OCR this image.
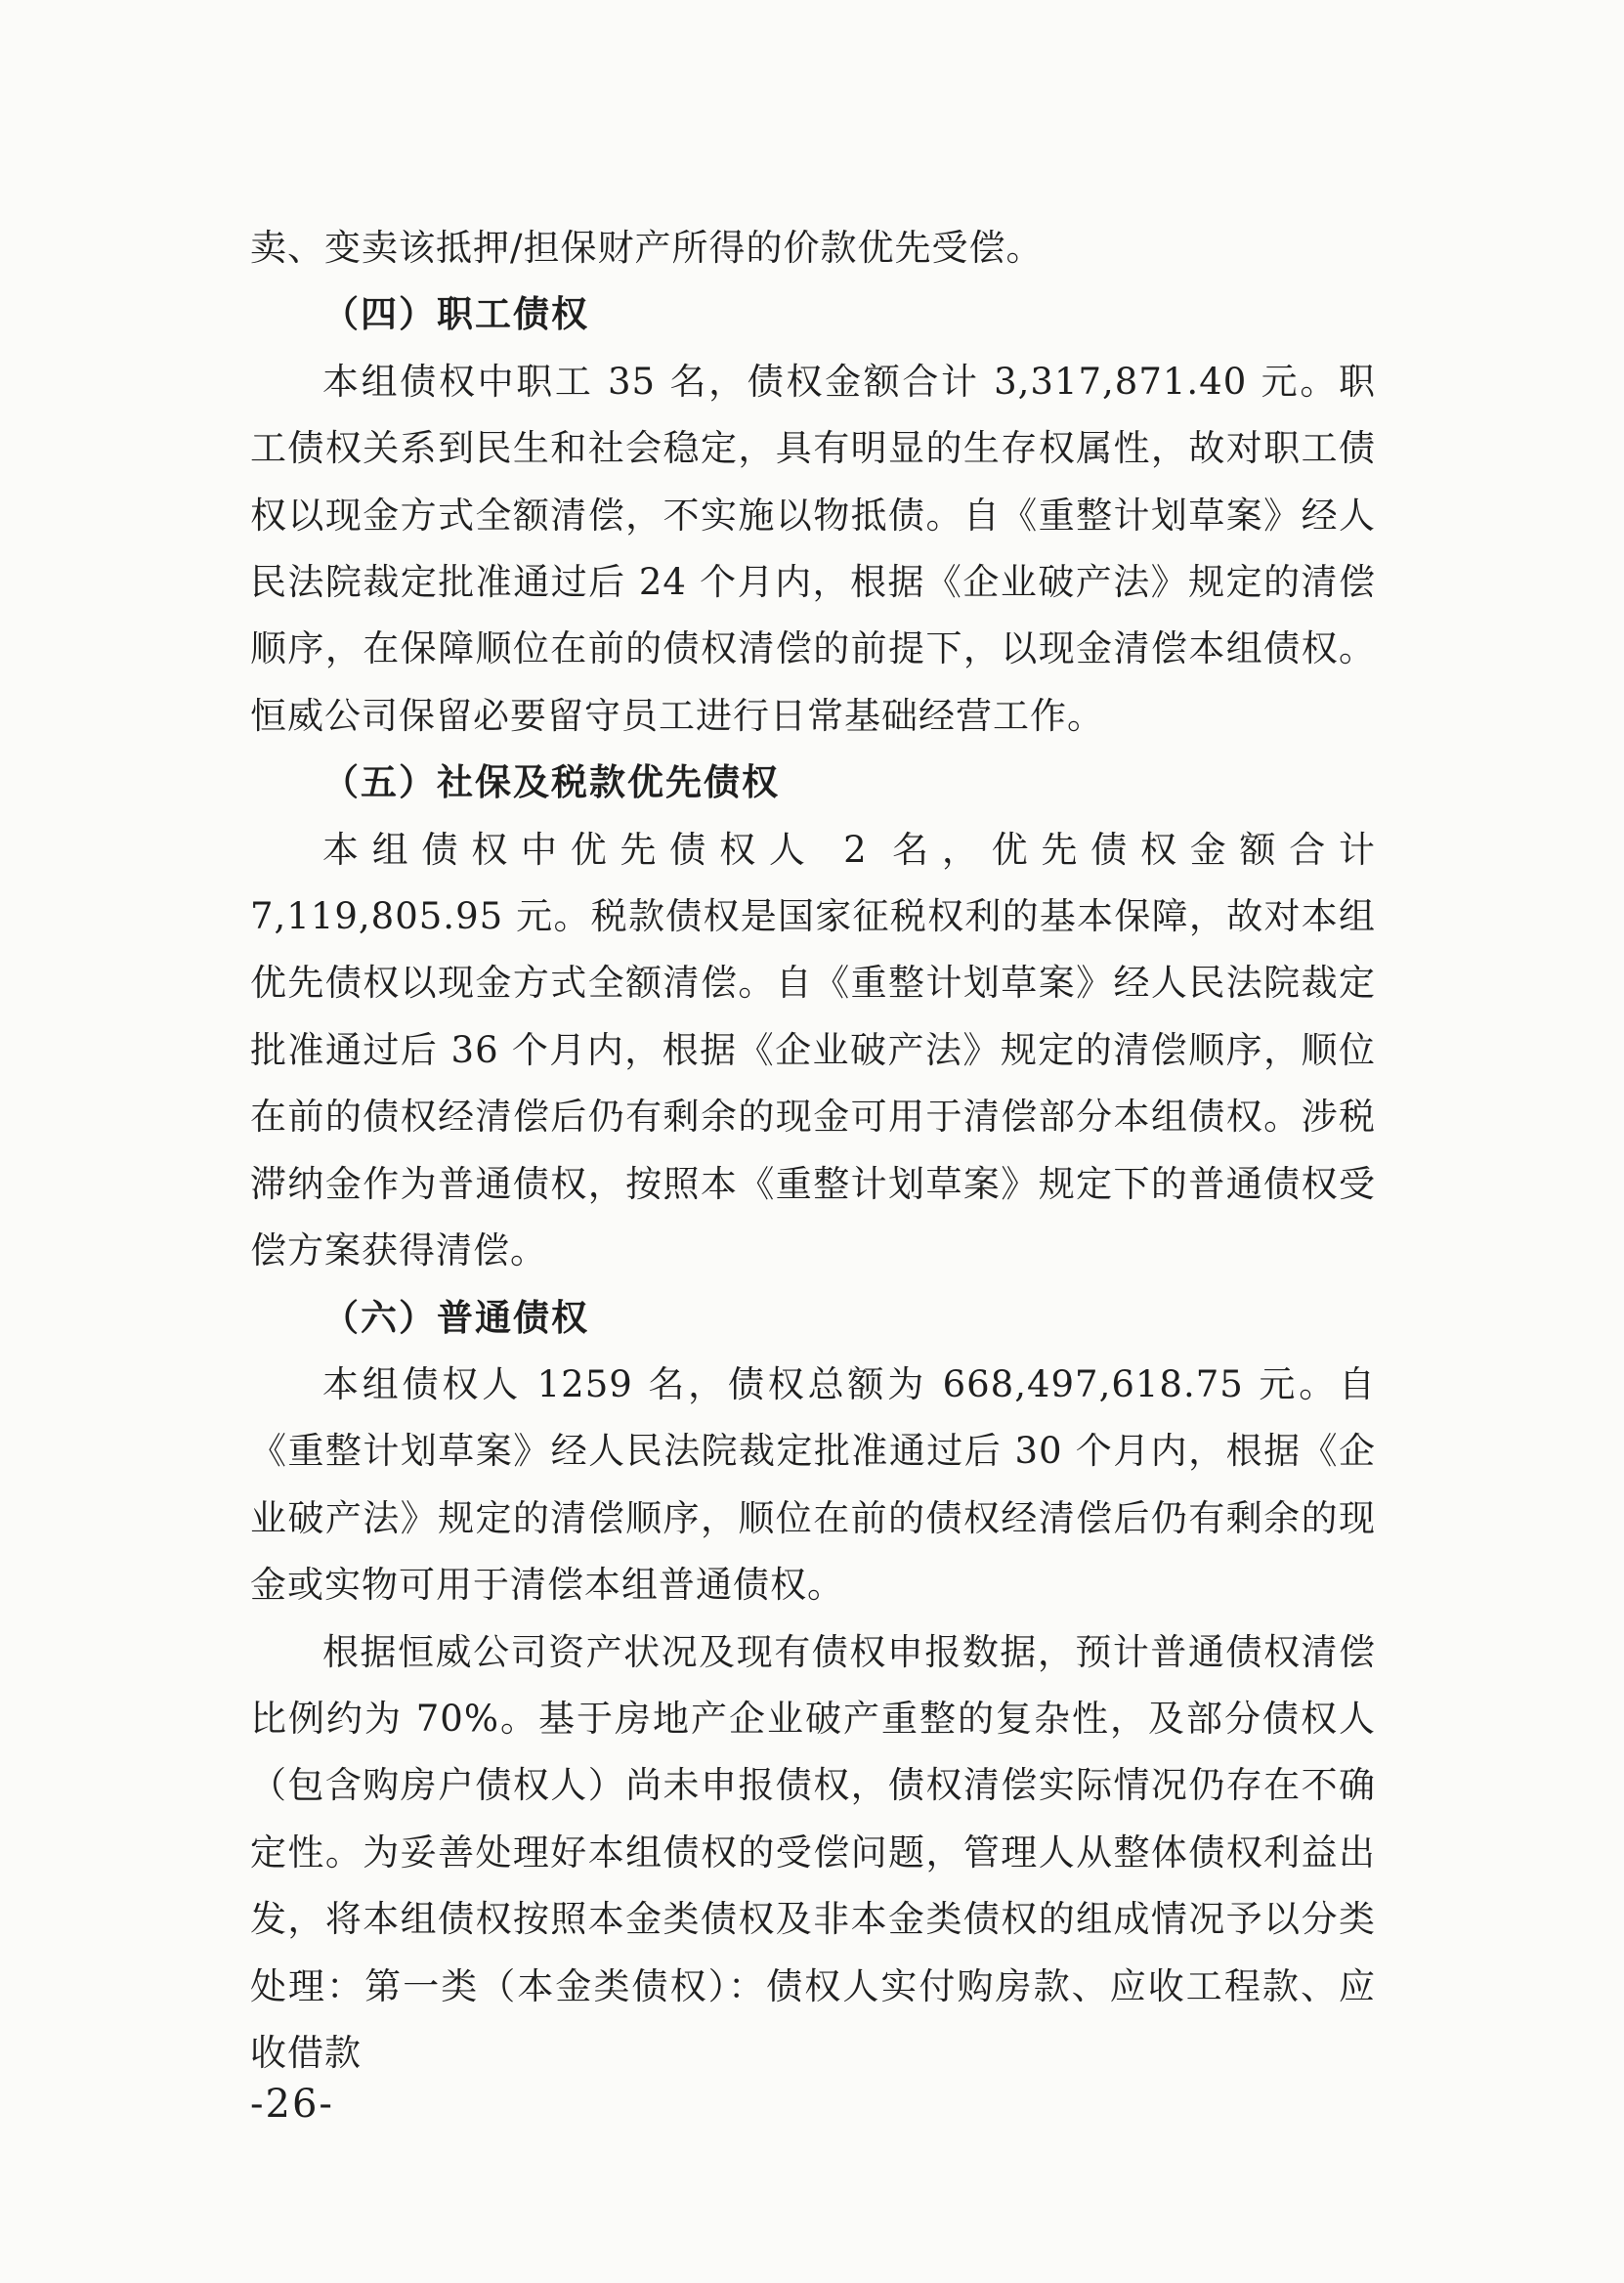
卖、变卖该抵押/担保财产所得的价款优先受偿。

（四）职工债权

本组债权中职工 35 名，债权金额合计 3,317,871.40 元。职工债权关系到民生和社会稳定，具有明显的生存权属性，故对职工债权以现金方式全额清偿，不实施以物抵债。自《重整计划草案》经人民法院裁定批准通过后 24 个月内，根据《企业破产法》规定的清偿顺序，在保障顺位在前的债权清偿的前提下，以现金清偿本组债权。恒威公司保留必要留守员工进行日常基础经营工作。

（五）社保及税款优先债权

本组债权中优先债权人 2 名，优先债权金额合计 7,119,805.95 元。税款债权是国家征税权利的基本保障，故对本组优先债权以现金方式全额清偿。自《重整计划草案》经人民法院裁定批准通过后 36 个月内，根据《企业破产法》规定的清偿顺序，顺位在前的债权经清偿后仍有剩余的现金可用于清偿部分本组债权。涉税滞纳金作为普通债权，按照本《重整计划草案》规定下的普通债权受偿方案获得清偿。

（六）普通债权

本组债权人 1259 名，债权总额为 668,497,618.75 元。自《重整计划草案》经人民法院裁定批准通过后 30 个月内，根据《企业破产法》规定的清偿顺序，顺位在前的债权经清偿后仍有剩余的现金或实物可用于清偿本组普通债权。

根据恒威公司资产状况及现有债权申报数据，预计普通债权清偿比例约为 70%。基于房地产企业破产重整的复杂性，及部分债权人（包含购房户债权人）尚未申报债权，债权清偿实际情况仍存在不确定性。为妥善处理好本组债权的受偿问题，管理人从整体债权利益出发，将本组债权按照本金类债权及非本金类债权的组成情况予以分类处理：第一类（本金类债权）：债权人实付购房款、应收工程款、应收借款

-26-
